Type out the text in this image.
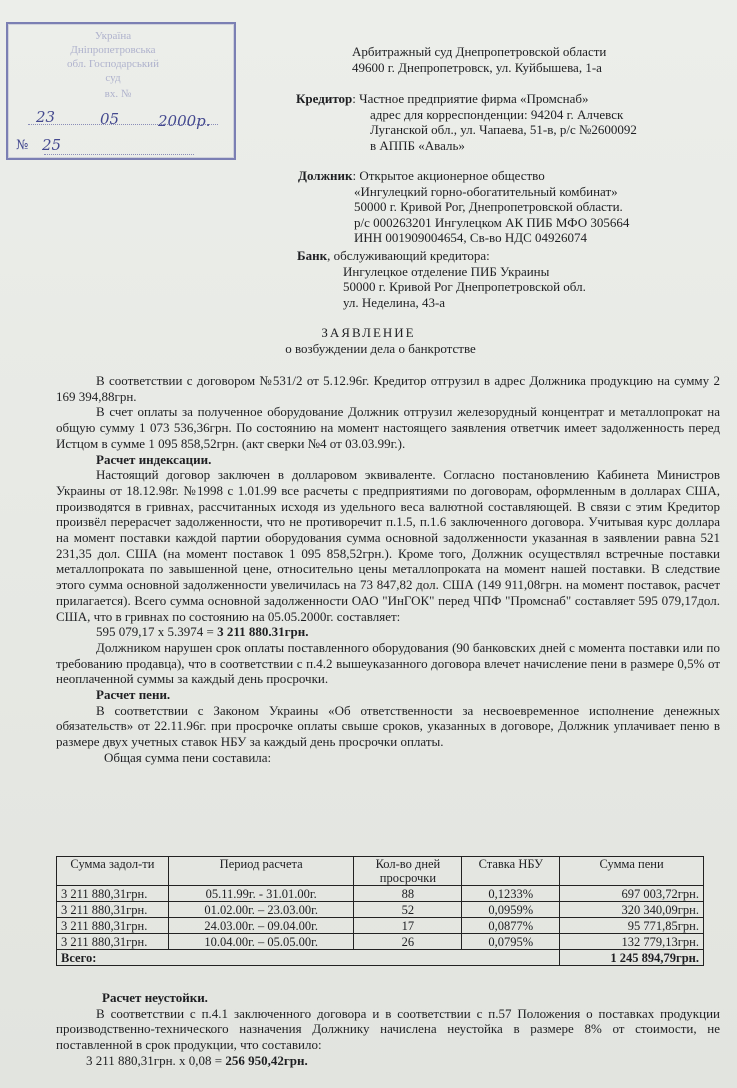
Україна
Дніпропетровська
обл. Господарський
суд
вх. №
23	05	2000р.
№ 25
Арбитражный суд Днепропетровской области
49600 г. Днепропетровск, ул. Куйбышева, 1-а
Кредитор: Частное предприятие фирма «Промснаб»
адрес для корреспонденции: 94204 г. Алчевск
Луганской обл., ул. Чапаева, 51-в, р/с №2600092
в АППБ «Аваль»
Должник: Открытое акционерное общество
«Ингулецкий горно-обогатительный комбинат»
50000 г. Кривой Рог, Днепропетровской области.
р/с 000263201 Ингулецком АК ПИБ МФО 305664
ИНН 001909004654, Св-во НДС 04926074
Банк, обслуживающий кредитора:
Ингулецкое отделение ПИБ Украины
50000 г. Кривой Рог Днепропетровской обл.
ул. Неделина, 43-а
ЗАЯВЛЕНИЕ
о возбуждении дела о банкротстве

В соответствии с договором №531/2 от 5.12.96г. Кредитор отгрузил в адрес Должника продукцию на сумму 2 169 394,88грн.

В счет оплаты за полученное оборудование Должник отгрузил железорудный концентрат и металлопрокат на общую сумму 1 073 536,36грн. По состоянию на момент настоящего заявления ответчик имеет задолженность перед Истцом в сумме 1 095 858,52грн. (акт сверки №4 от 03.03.99г.).

Расчет индексации.

Настоящий договор заключен в долларовом эквиваленте. Согласно постановлению Кабинета Министров Украины от 18.12.98г. №1998 с 1.01.99 все расчеты с предприятиями по договорам, оформленным в долларах США, производятся в гривнах, рассчитанных исходя из удельного веса валютной составляющей. В связи с этим Кредитор произвёл перерасчет задолженности, что не противоречит п.1.5, п.1.6 заключенного договора. Учитывая курс доллара на момент поставки каждой партии оборудования сумма основной задолженности указанная в заявлении равна 521 231,35 дол. США (на момент поставок 1 095 858,52грн.). Кроме того, Должник осуществлял встречные поставки металлопроката по завышенной цене, относительно цены металлопроката на момент нашей поставки. В следствие этого сумма основной задолженности увеличилась на 73 847,82 дол. США (149 911,08грн. на момент поставок, расчет прилагается). Всего сумма основной задолженности ОАО "ИнГОК" перед ЧПФ "Промснаб" составляет 595 079,17дол. США, что в гривнах по состоянию на 05.05.2000г. составляет:

595 079,17 х 5.3974 = 3 211 880.31грн.

Должником нарушен срок оплаты поставленного оборудования (90 банковских дней с момента поставки или по требованию продавца), что в соответствии с п.4.2 вышеуказанного договора влечет начисление пени в размере 0,5% от неоплаченной суммы за каждый день просрочки.

Расчет пени.

В соответствии с Законом Украины «Об ответственности за несвоевременное исполнение денежных обязательств» от 22.11.96г. при просрочке оплаты свыше сроков, указанных в договоре, Должник уплачивает пеню в размере двух учетных ставок НБУ за каждый день просрочки оплаты.

Общая сумма пени составила:

Сумма задол-ти	Период расчета	Кол-во дней просрочки	Ставка НБУ	Сумма пени
3 211 880,31грн.	05.11.99г. - 31.01.00г.	88	0,1233%	697 003,72грн.
3 211 880,31грн.	01.02.00г. – 23.03.00г.	52	0,0959%	320 340,09грн.
3 211 880,31грн.	24.03.00г. – 09.04.00г.	17	0,0877%	95 771,85грн.
3 211 880,31грн.	10.04.00г. – 05.05.00г.	26	0,0795%	132 779,13грн.
Всего:				1 245 894,79грн.

Расчет неустойки.

В соответствии с п.4.1 заключенного договора и в соответствии с п.57 Положения о поставках продукции производственно-технического назначения Должнику начислена неустойка в размере 8% от стоимости, не поставленной в срок продукции, что составило:

3 211 880,31грн. х 0,08 = 256 950,42грн.
